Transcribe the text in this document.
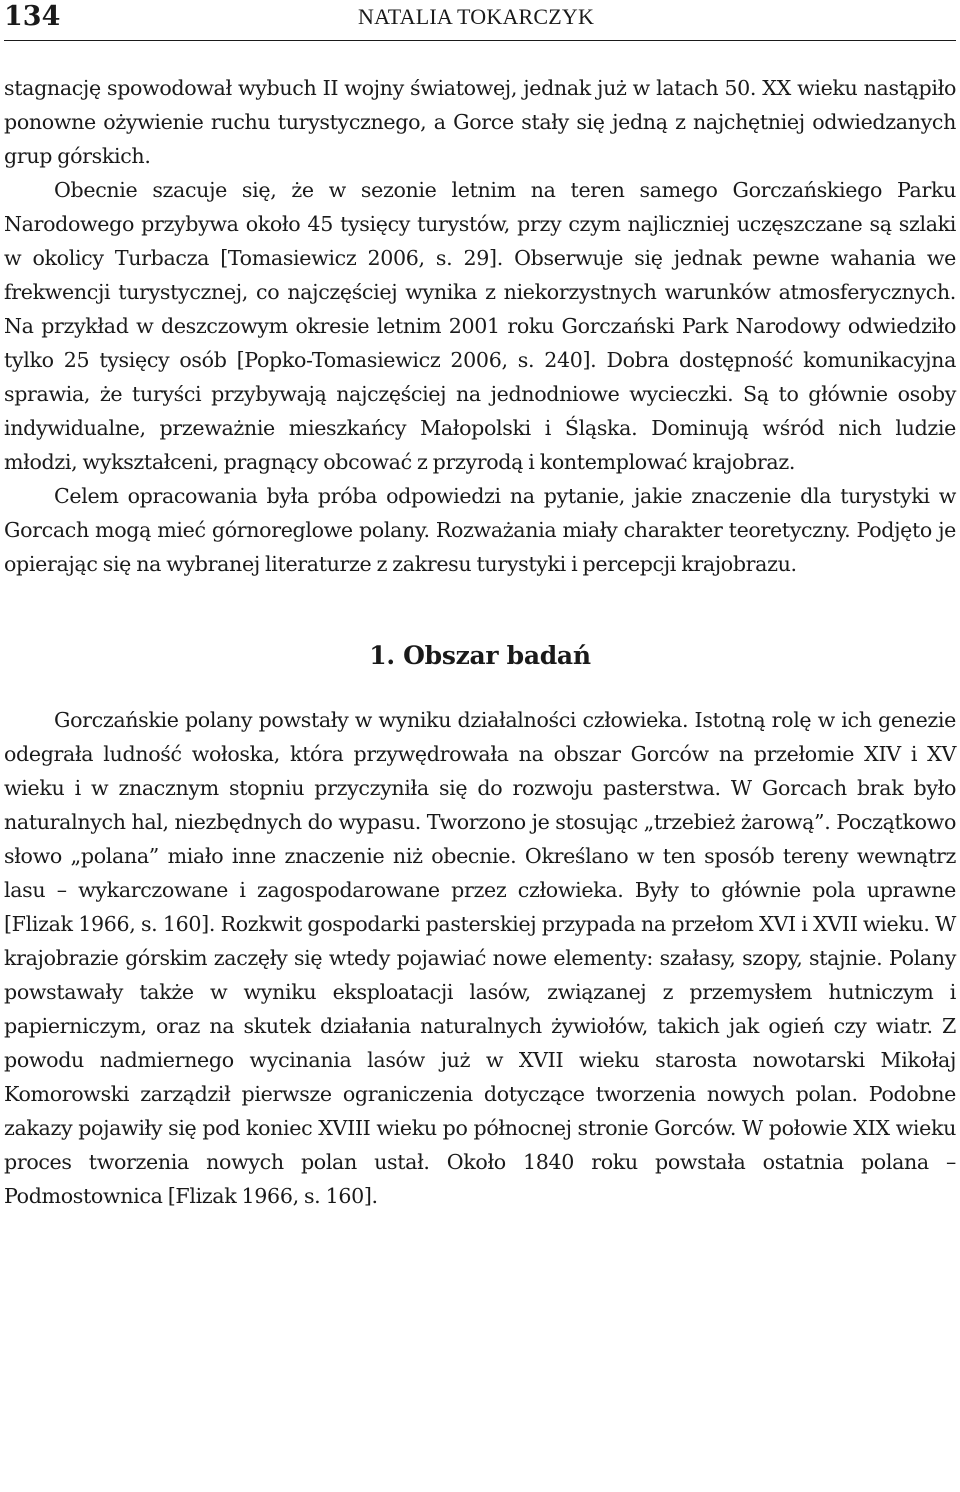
134	NATALIA TOKARCZYK

stagnację spowodował wybuch II wojny światowej, jednak już w latach 50. XX wieku nastąpiło ponowne ożywienie ruchu turystycznego, a Gorce stały się jedną z najchętniej odwiedzanych grup górskich.

Obecnie szacuje się, że w sezonie letnim na teren samego Gorczańskiego Parku Narodowego przybywa około 45 tysięcy turystów, przy czym najliczniej uczęszczane są szlaki w okolicy Turbacza [Tomasiewicz 2006, s. 29]. Obserwuje się jednak pewne wahania we frekwencji turystycznej, co najczęściej wynika z niekorzystnych warunków atmosferycznych. Na przykład w deszczowym okresie letnim 2001 roku Gorczański Park Narodowy odwiedziło tylko 25 tysięcy osób [Popko-Tomasiewicz 2006, s. 240]. Dobra dostępność komunikacyjna sprawia, że turyści przybywają najczęściej na jednodniowe wycieczki. Są to głównie osoby indywidualne, przeważnie mieszkańcy Małopolski i Śląska. Dominują wśród nich ludzie młodzi, wykształceni, pragnący obcować z przyrodą i kontemplować krajobraz.

Celem opracowania była próba odpowiedzi na pytanie, jakie znaczenie dla turystyki w Gorcach mogą mieć górnoreglowe polany. Rozważania miały charakter teoretyczny. Podjęto je opierając się na wybranej literaturze z zakresu turystyki i percepcji krajobrazu.

1. Obszar badań

Gorczańskie polany powstały w wyniku działalności człowieka. Istotną rolę w ich genezie odegrała ludność wołoska, która przywędrowała na obszar Gorców na przełomie XIV i XV wieku i w znacznym stopniu przyczyniła się do rozwoju pasterstwa. W Gorcach brak było naturalnych hal, niezbędnych do wypasu. Tworzono je stosując „trzebież żarową”. Początkowo słowo „polana” miało inne znaczenie niż obecnie. Określano w ten sposób tereny wewnątrz lasu – wykarczowane i zagospodarowane przez człowieka. Były to głównie pola uprawne [Flizak 1966, s. 160]. Rozkwit gospodarki pasterskiej przypada na przełom XVI i XVII wieku. W krajobrazie górskim zaczęły się wtedy pojawiać nowe elementy: szałasy, szopy, stajnie. Polany powstawały także w wyniku eksploatacji lasów, związanej z przemysłem hutniczym i papierniczym, oraz na skutek działania naturalnych żywiołów, takich jak ogień czy wiatr. Z powodu nadmiernego wycinania lasów już w XVII wieku starosta nowotarski Mikołaj Komorowski zarządził pierwsze ograniczenia dotyczące tworzenia nowych polan. Podobne zakazy pojawiły się pod koniec XVIII wieku po północnej stronie Gorców. W połowie XIX wieku proces tworzenia nowych polan ustał. Około 1840 roku powstała ostatnia polana – Podmostownica [Flizak 1966, s. 160].
